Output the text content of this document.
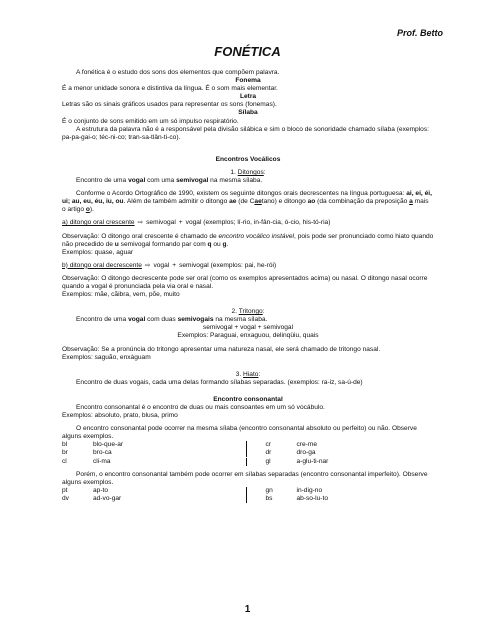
Prof. Betto
FONÉTICA

A fonética é o estudo dos sons dos elementos que compõem palavra.

Fonema

É a menor unidade sonora e distintiva da língua. É o som mais elementar.

Letra

Letras são os sinais gráficos usados para representar os sons (fonemas).

Sílaba

É o conjunto de sons emitido em um só impulso respiratório.

A estrutura da palavra não é a responsável pela divisão silábica e sim o bloco de sonoridade chamado sílaba (exemplos: pa-pa-gai-o; téc-ni-co; tran-sa-tlân-ti-co).

Encontros Vocálicos

1. Ditongos:

Encontro de uma vogal com uma semivogal na mesma sílaba.

Conforme o Acordo Ortográfico de 1990, existem os seguinte ditongos orais decrescentes na língua portuguesa: ai, ei, éi, ui; au, eu, éu, iu, ou. Além de também admitir o ditongo ae (de Caetano) e ditongo ao (da combinação da preposição a mais o artigo o).

a) ditongo oral crescente ⇨ semivogal + vogal (exemplos; lí-rio, in-fân-cia, ó-cio, his-tó-ria)

Observação: O ditongo oral crescente é chamado de encontro vocálico instável, pois pode ser pronunciado como hiato quando não precedido de u semivogal formando par com q ou g.

Exemplos: quase, aguar

b) ditongo oral decrescente ⇨ vogal + semivogal (exemplos: pai, he-rói)

Observação: O ditongo decrescente pode ser oral (como os exemplos apresentados acima) ou nasal. O ditongo nasal ocorre quando a vogal é pronunciada pela via oral e nasal.

Exemplos: mãe, cãibra, vem, põe, muito

2. Tritongo:

Encontro de uma vogal com duas semivogais na mesma sílaba.

semivogal + vogal + semivogal

Exemplos: Paraguai, enxaguou, delinqüiu, quais

Observação: Se a pronúncia do tritongo apresentar uma natureza nasal, ele será chamado de tritongo nasal.

Exemplos: saguão, enxáguam

3. Hiato:

Encontro de duas vogais, cada uma delas formando sílabas separadas. (exemplos: ra-iz, sa-ú-de)

Encontro consonantal

Encontro consonantal é o encontro de duas ou mais consoantes em um só vocábulo.

Exemplos: absoluto, prato, blusa, primo

O encontro consonantal pode ocorrer na mesma sílaba (encontro consonantal absoluto ou perfeito) ou não. Observe alguns exemplos.

bl	blo-que-ar	cr	cre-me
br	bro-ca	dr	dro-ga
cl	cli-ma	gl	a-glu-ti-nar

Porém, o encontro consonantal também pode ocorrer em sílabas separadas (encontro consonantal imperfeito). Observe alguns exemplos.

pt	ap-to	gn	in-dig-no
dv	ad-vo-gar	bs	ab-so-lu-to
1
